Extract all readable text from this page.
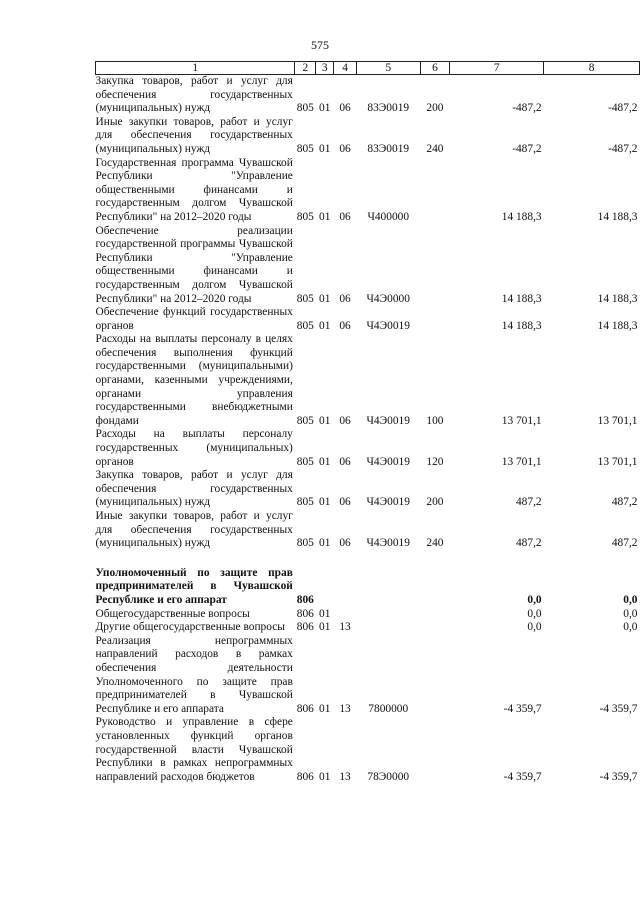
575
1	2	3	4	5	6	7	8
Закупка товаров, работ и услуг для обеспечения государственных (муниципальных) нужд	805	01	06	83Э0019	200	-487,2	-487,2
Иные закупки товаров, работ и услуг для обеспечения государственных (муниципальных) нужд	805	01	06	83Э0019	240	-487,2	-487,2
Государственная программа Чувашской Республики "Управление общественными финансами и государственным долгом Чувашской Республики" на 2012–2020 годы	805	01	06	Ч400000		14 188,3	14 188,3
Обеспечение реализации государственной программы Чувашской Республики "Управление общественными финансами и государственным долгом Чувашской Республики" на 2012–2020 годы	805	01	06	Ч4Э0000		14 188,3	14 188,3
Обеспечение функций государственных органов	805	01	06	Ч4Э0019		14 188,3	14 188,3
Расходы на выплаты персоналу в целях обеспечения выполнения функций государственными (муниципальными) органами, казенными учреждениями, органами управления государственными внебюджетными фондами	805	01	06	Ч4Э0019	100	13 701,1	13 701,1
Расходы на выплаты персоналу государственных (муниципальных) органов	805	01	06	Ч4Э0019	120	13 701,1	13 701,1
Закупка товаров, работ и услуг для обеспечения государственных (муниципальных) нужд	805	01	06	Ч4Э0019	200	487,2	487,2
Иные закупки товаров, работ и услуг для обеспечения государственных (муниципальных) нужд	805	01	06	Ч4Э0019	240	487,2	487,2

Уполномоченный по защите прав предпринимателей в Чувашской Республике и его аппарат	806					0,0	0,0
Общегосударственные вопросы	806	01				0,0	0,0
Другие общегосударственные вопросы	806	01	13			0,0	0,0
Реализация непрограммных направлений расходов в рамках обеспечения деятельности Уполномоченного по защите прав предпринимателей в Чувашской Республике и его аппарата	806	01	13	7800000		-4 359,7	-4 359,7
Руководство и управление в сфере установленных функций органов государственной власти Чувашской Республики в рамках непрограммных направлений расходов бюджетов	806	01	13	78Э0000		-4 359,7	-4 359,7
